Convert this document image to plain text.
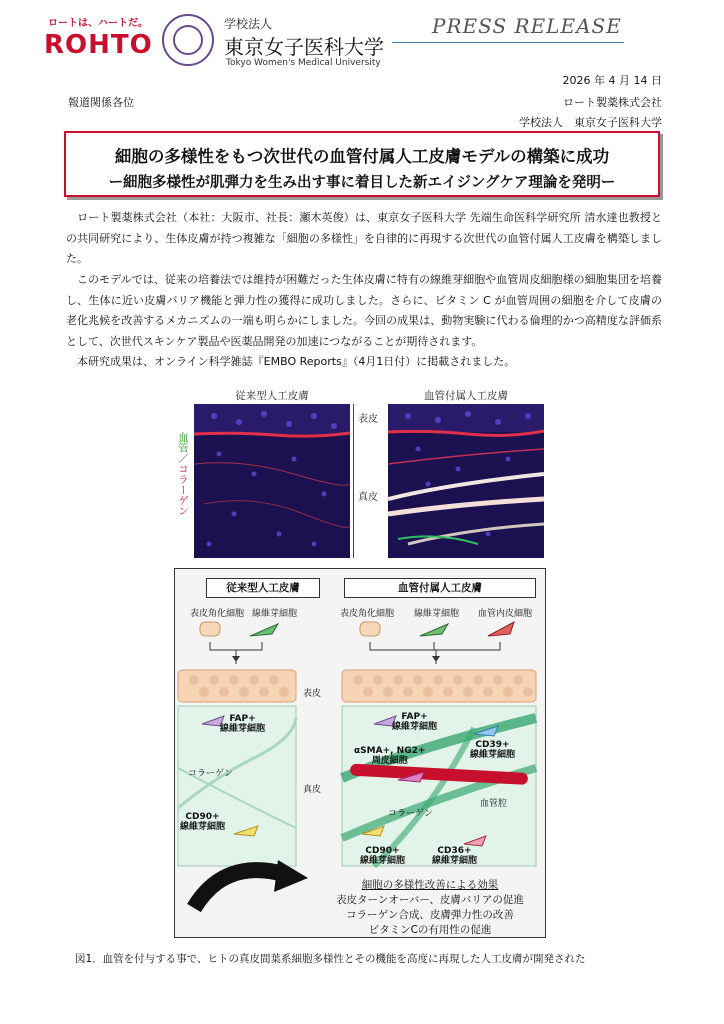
ロートは、ハートだ。
ROHTO
学校法人
東京女子医科大学
Tokyo Women's Medical University
PRESS RELEASE
2026 年 4 月 14 日
報道関係各位	ロート製薬株式会社
学校法人　東京女子医科大学
細胞の多様性をもつ次世代の血管付属人工皮膚モデルの構築に成功
ー細胞多様性が肌弾力を生み出す事に着目した新エイジングケア理論を発明ー
　ロート製薬株式会社（本社：大阪市、社長：瀬木英俊）は、東京女子医科大学 先端生命医科学研究所 清水達也教授との共同研究により、生体皮膚が持つ複雑な「細胞の多様性」を自律的に再現する次世代の血管付属人工皮膚を構築しました。
　このモデルでは、従来の培養法では維持が困難だった生体皮膚に特有の線維芽細胞や血管周皮細胞様の細胞集団を培養し、生体に近い皮膚バリア機能と弾力性の獲得に成功しました。さらに、ビタミン C が血管周囲の細胞を介して皮膚の老化兆候を改善するメカニズムの一端も明らかにしました。今回の成果は、動物実験に代わる倫理的かつ高精度な評価系として、次世代スキンケア製品や医薬品開発の加速につながることが期待されます。
　本研究成果は、オンライン科学雑誌『EMBO Reports』（4月1日付）に掲載されました。
従来型人工皮膚	血管付属人工皮膚
血管／コラーゲン
表皮
真皮
従来型人工皮膚	血管付属人工皮膚
表皮角化細胞 線維芽細胞	表皮角化細胞 線維芽細胞 血管内皮細胞
表皮
真皮
FAP+
線維芽細胞
コラーゲン
CD90+
線維芽細胞
FAP+
線維芽細胞
CD39+
線維芽細胞
αSMA+, NG2+
周皮細胞
血管腔
コラーゲン
CD90+
線維芽細胞
CD36+
線維芽細胞
細胞の多様性改善による効果
表皮ターンオーバー、皮膚バリアの促進
コラーゲン合成、皮膚弾力性の改善
ビタミンCの有用性の促進
図1．血管を付与する事で、ヒトの真皮間葉系細胞多様性とその機能を高度に再現した人工皮膚が開発された
